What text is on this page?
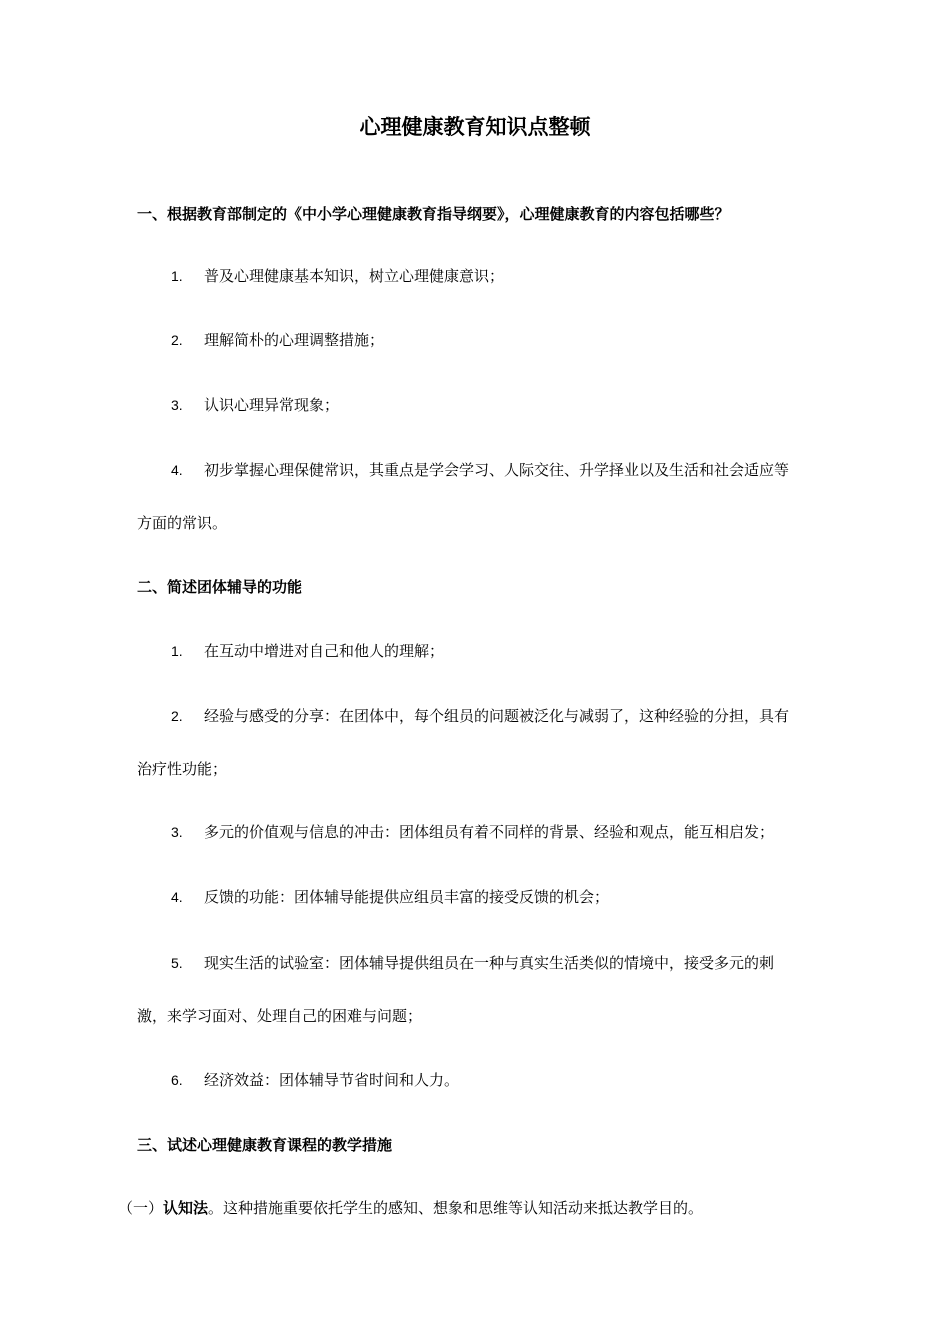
心理健康教育知识点整顿
一、根据教育部制定的《中小学心理健康教育指导纲要》，心理健康教育的内容包括哪些？
1. 普及心理健康基本知识，树立心理健康意识；
2. 理解简朴的心理调整措施；
3. 认识心理异常现象；
4. 初步掌握心理保健常识，其重点是学会学习、人际交往、升学择业以及生活和社会适应等
方面的常识。
二、简述团体辅导的功能
1. 在互动中增进对自己和他人的理解；
2. 经验与感受的分享：在团体中，每个组员的问题被泛化与减弱了，这种经验的分担，具有
治疗性功能；
3. 多元的价值观与信息的冲击：团体组员有着不同样的背景、经验和观点，能互相启发；
4. 反馈的功能：团体辅导能提供应组员丰富的接受反馈的机会；
5. 现实生活的试验室：团体辅导提供组员在一种与真实生活类似的情境中，接受多元的刺
激，来学习面对、处理自己的困难与问题；
6. 经济效益：团体辅导节省时间和人力。
三、试述心理健康教育课程的教学措施

（一）认知法。这种措施重要依托学生的感知、想象和思维等认知活动来抵达教学目的。
